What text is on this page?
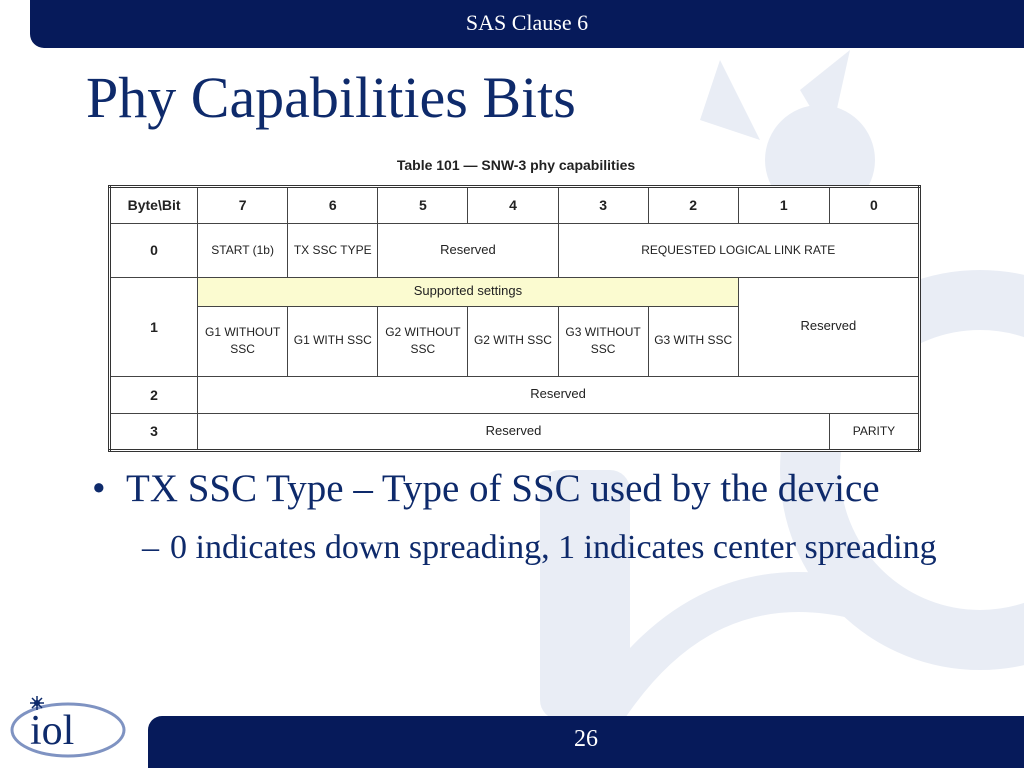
SAS Clause 6
Phy Capabilities Bits
Table 101 — SNW-3 phy capabilities
Byte\Bit	7	6	5	4	3	2	1	0
0	START (1b)	TX SSC TYPE	Reserved		REQUESTED LOGICAL LINK RATE			
1	Supported settings						Reserved	
	G1 WITHOUT SSC	G1 WITH SSC	G2 WITHOUT SSC	G2 WITH SSC	G3 WITHOUT SSC	G3 WITH SSC		
2	Reserved							
3	Reserved							PARITY
• TX SSC Type – Type of SSC used by the device
– 0 indicates down spreading, 1 indicates center spreading
iol	26
